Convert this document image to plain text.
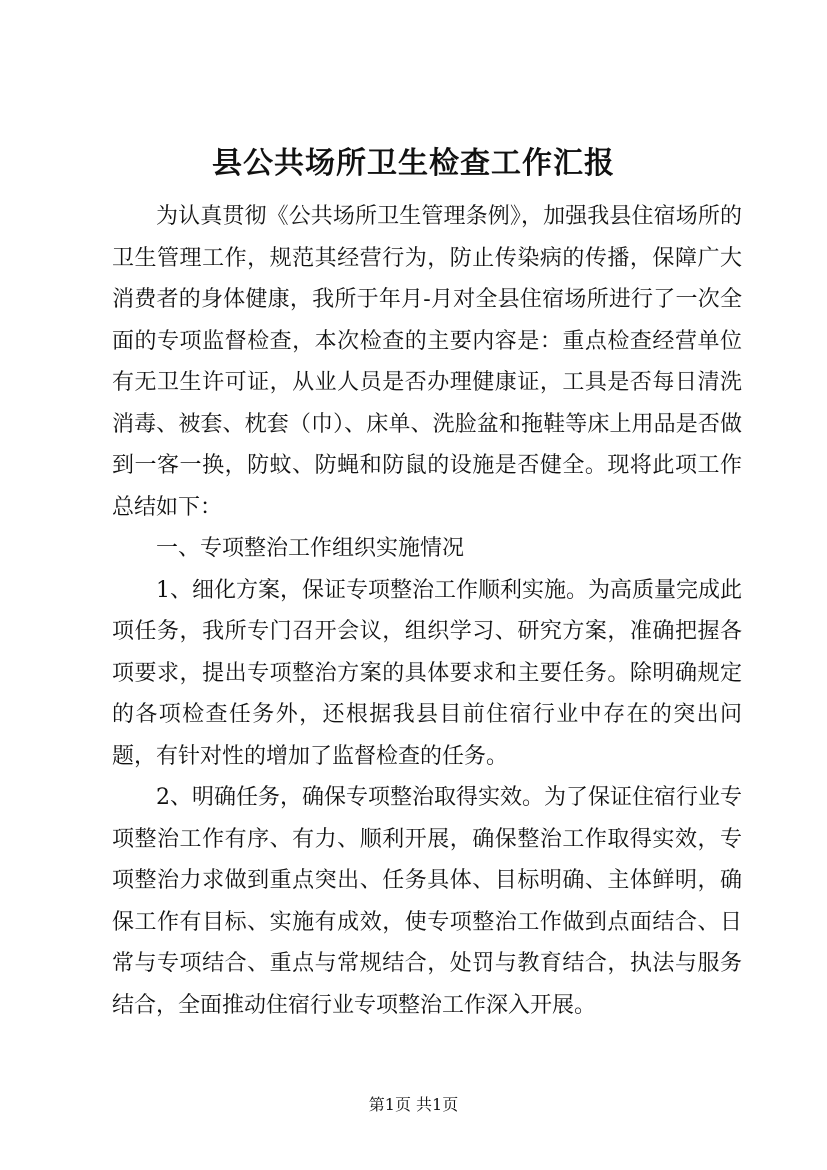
县公共场所卫生检查工作汇报

为认真贯彻《公共场所卫生管理条例》，加强我县住宿场所的卫生管理工作，规范其经营行为，防止传染病的传播，保障广大消费者的身体健康，我所于年月-月对全县住宿场所进行了一次全面的专项监督检查，本次检查的主要内容是：重点检查经营单位有无卫生许可证，从业人员是否办理健康证，工具是否每日清洗消毒、被套、枕套（巾）、床单、洗脸盆和拖鞋等床上用品是否做到一客一换，防蚊、防蝇和防鼠的设施是否健全。现将此项工作总结如下：

一、专项整治工作组织实施情况

1、细化方案，保证专项整治工作顺利实施。为高质量完成此项任务，我所专门召开会议，组织学习、研究方案，准确把握各项要求，提出专项整治方案的具体要求和主要任务。除明确规定的各项检查任务外，还根据我县目前住宿行业中存在的突出问题，有针对性的增加了监督检查的任务。

2、明确任务，确保专项整治取得实效。为了保证住宿行业专项整治工作有序、有力、顺利开展，确保整治工作取得实效，专项整治力求做到重点突出、任务具体、目标明确、主体鲜明，确保工作有目标、实施有成效，使专项整治工作做到点面结合、日常与专项结合、重点与常规结合，处罚与教育结合，执法与服务结合，全面推动住宿行业专项整治工作深入开展。

第1页 共1页
